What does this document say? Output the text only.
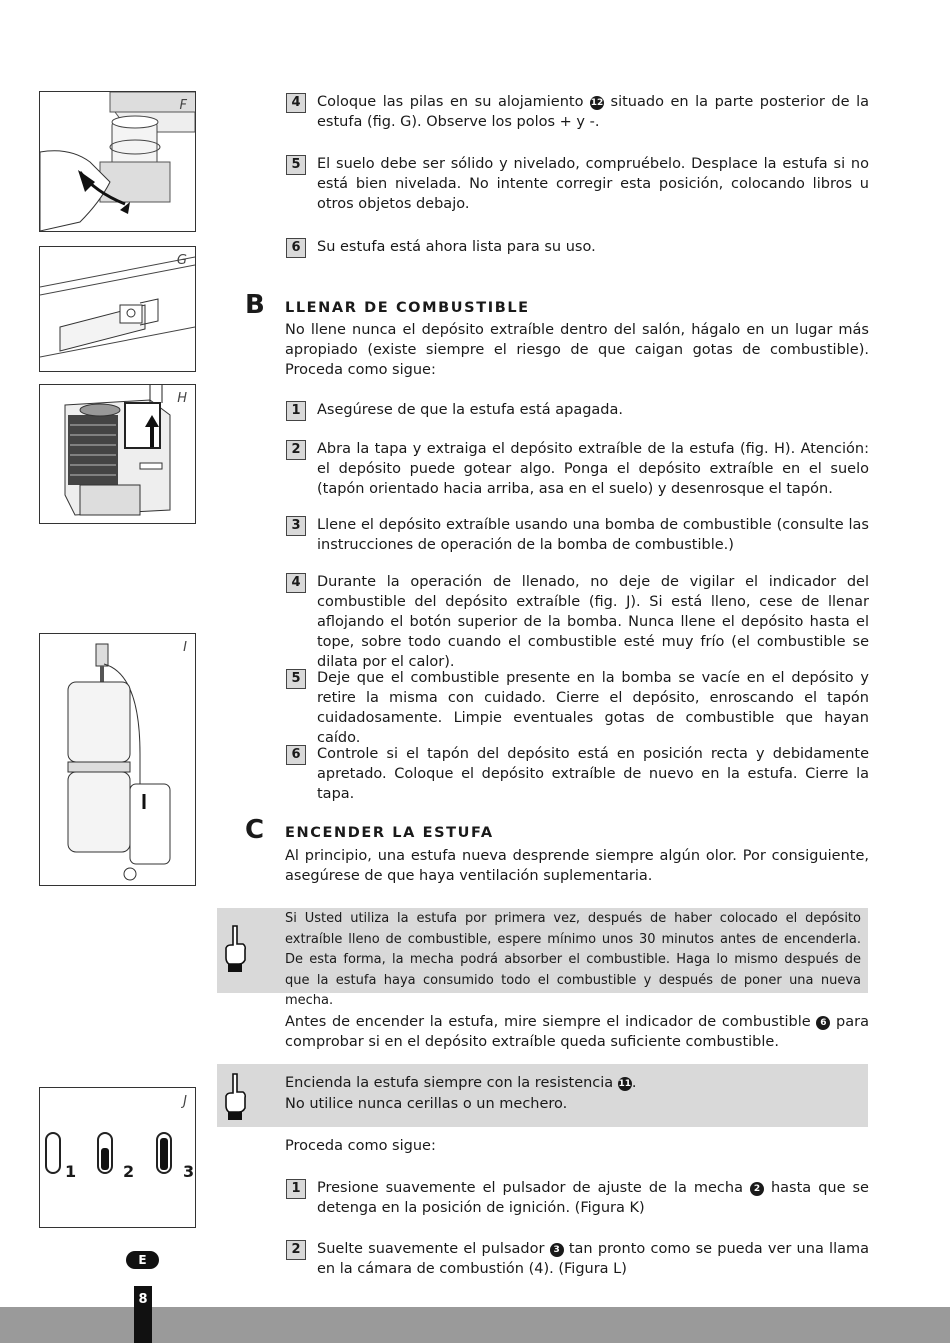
F
G
H
I
J
1	2	3
4	Coloque las pilas en su alojamiento 12 situado en la parte posterior de la estufa (fig. G). Observe los polos + y -.

5	El suelo debe ser sólido y nivelado, compruébelo. Desplace la estufa si no está bien nivelada. No intente corregir esta posición, colocando libros u otros objetos debajo.

6	Su estufa está ahora lista para su uso.

B LLENAR DE COMBUSTIBLE

No llene nunca el depósito extraíble dentro del salón, hágalo en un lugar más apropiado (existe siempre el riesgo de que caigan gotas de combustible). Proceda como sigue:

1	Asegúrese de que la estufa está apagada.

2	Abra la tapa y extraiga el depósito extraíble de la estufa (fig. H). Atención: el depósito puede gotear algo. Ponga el depósito extraíble en el suelo (tapón orientado hacia arriba, asa en el suelo) y desenrosque el tapón.

3	Llene el depósito extraíble usando una bomba de combustible (consulte las instrucciones de operación de la bomba de combustible.)

4	Durante la operación de llenado, no deje de vigilar el indicador del combustible del depósito extraíble (fig. J). Si está lleno, cese de llenar aflojando el botón superior de la bomba. Nunca llene el depósito hasta el tope, sobre todo cuando el combustible esté muy frío (el combustible se dilata por el calor).

5	Deje que el combustible presente en la bomba se vacíe en el depósito y retire la misma con cuidado. Cierre el depósito, enroscando el tapón cuidadosamente. Limpie eventuales gotas de combustible que hayan caído.

6	Controle si el tapón del depósito está en posición recta y debidamente apretado. Coloque el depósito extraíble de nuevo en la estufa. Cierre la tapa.

C ENCENDER LA ESTUFA

Al principio, una estufa nueva desprende siempre algún olor. Por consiguiente, asegúrese de que haya ventilación suplementaria.

Si Usted utiliza la estufa por primera vez, después de haber colocado el depósito extraíble lleno de combustible, espere mínimo unos 30 minutos antes de encenderla. De esta forma, la mecha podrá absorber el combustible. Haga lo mismo después de que la estufa haya consumido todo el combustible y después de poner una nueva mecha.

Antes de encender la estufa, mire siempre el indicador de combustible 6 para comprobar si en el depósito extraíble queda suficiente combustible.

Encienda la estufa siempre con la resistencia 11.
No utilice nunca cerillas o un mechero.

Proceda como sigue:

1	Presione suavemente el pulsador de ajuste de la mecha 2 hasta que se detenga en la posición de ignición. (Figura K)

2	Suelte suavemente el pulsador 3 tan pronto como se pueda ver una llama en la cámara de combustión (4). (Figura L)

E
8
